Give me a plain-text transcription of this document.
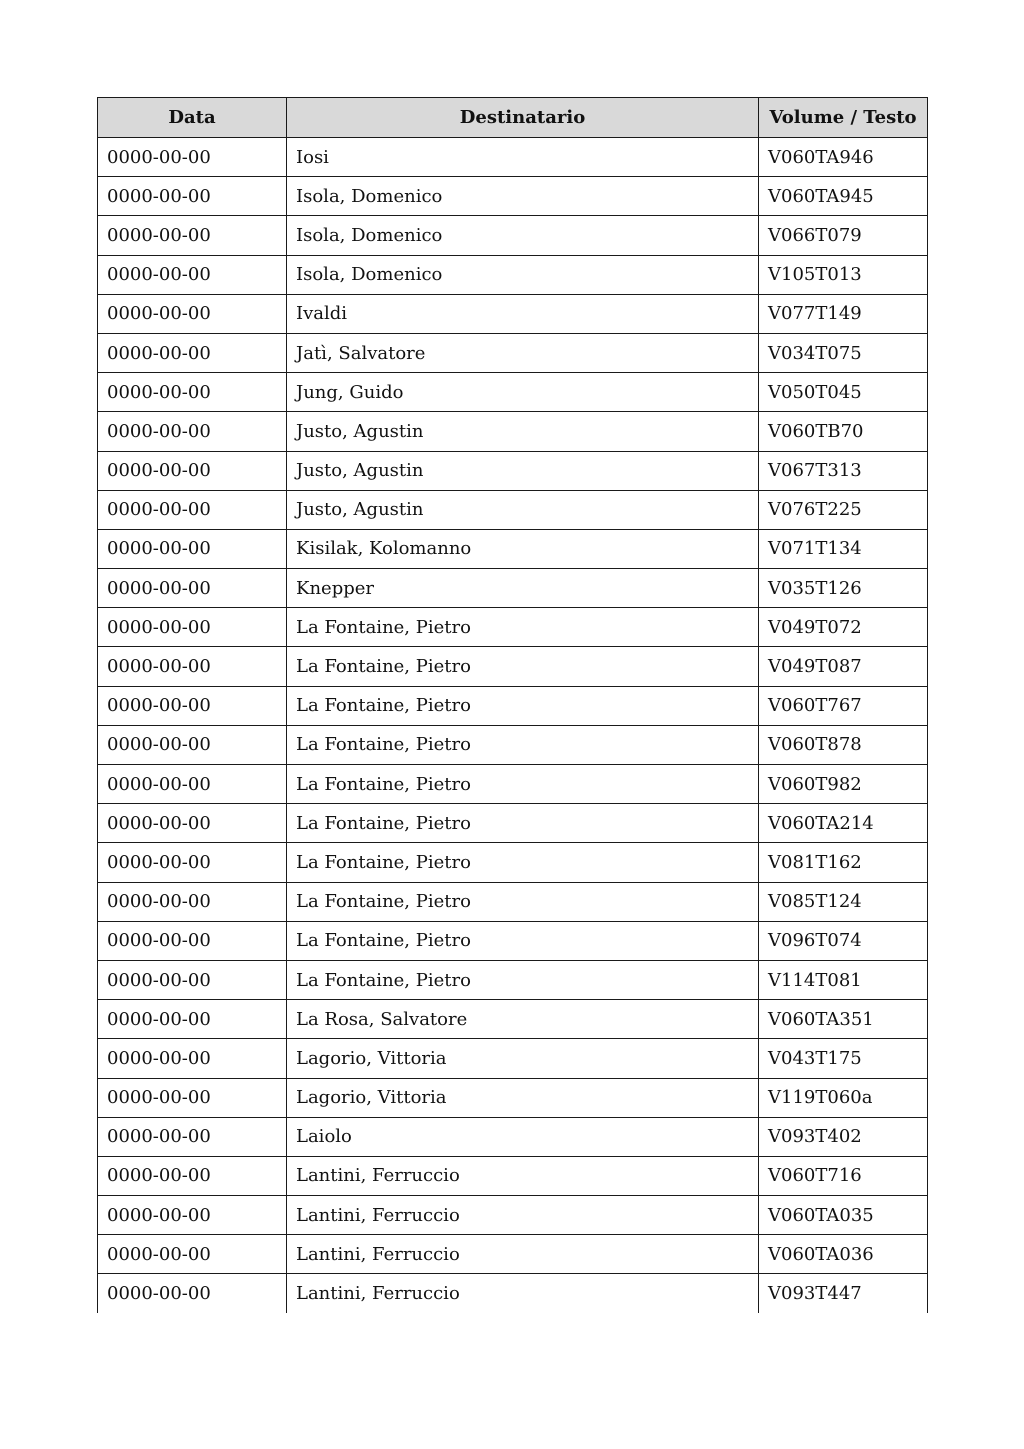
Data	Destinatario	Volume / Testo
0000-00-00	Iosi	V060TA946
0000-00-00	Isola, Domenico	V060TA945
0000-00-00	Isola, Domenico	V066T079
0000-00-00	Isola, Domenico	V105T013
0000-00-00	Ivaldi	V077T149
0000-00-00	Jatì, Salvatore	V034T075
0000-00-00	Jung, Guido	V050T045
0000-00-00	Justo, Agustin	V060TB70
0000-00-00	Justo, Agustin	V067T313
0000-00-00	Justo, Agustin	V076T225
0000-00-00	Kisilak, Kolomanno	V071T134
0000-00-00	Knepper	V035T126
0000-00-00	La Fontaine, Pietro	V049T072
0000-00-00	La Fontaine, Pietro	V049T087
0000-00-00	La Fontaine, Pietro	V060T767
0000-00-00	La Fontaine, Pietro	V060T878
0000-00-00	La Fontaine, Pietro	V060T982
0000-00-00	La Fontaine, Pietro	V060TA214
0000-00-00	La Fontaine, Pietro	V081T162
0000-00-00	La Fontaine, Pietro	V085T124
0000-00-00	La Fontaine, Pietro	V096T074
0000-00-00	La Fontaine, Pietro	V114T081
0000-00-00	La Rosa, Salvatore	V060TA351
0000-00-00	Lagorio, Vittoria	V043T175
0000-00-00	Lagorio, Vittoria	V119T060a
0000-00-00	Laiolo	V093T402
0000-00-00	Lantini, Ferruccio	V060T716
0000-00-00	Lantini, Ferruccio	V060TA035
0000-00-00	Lantini, Ferruccio	V060TA036
0000-00-00	Lantini, Ferruccio	V093T447
